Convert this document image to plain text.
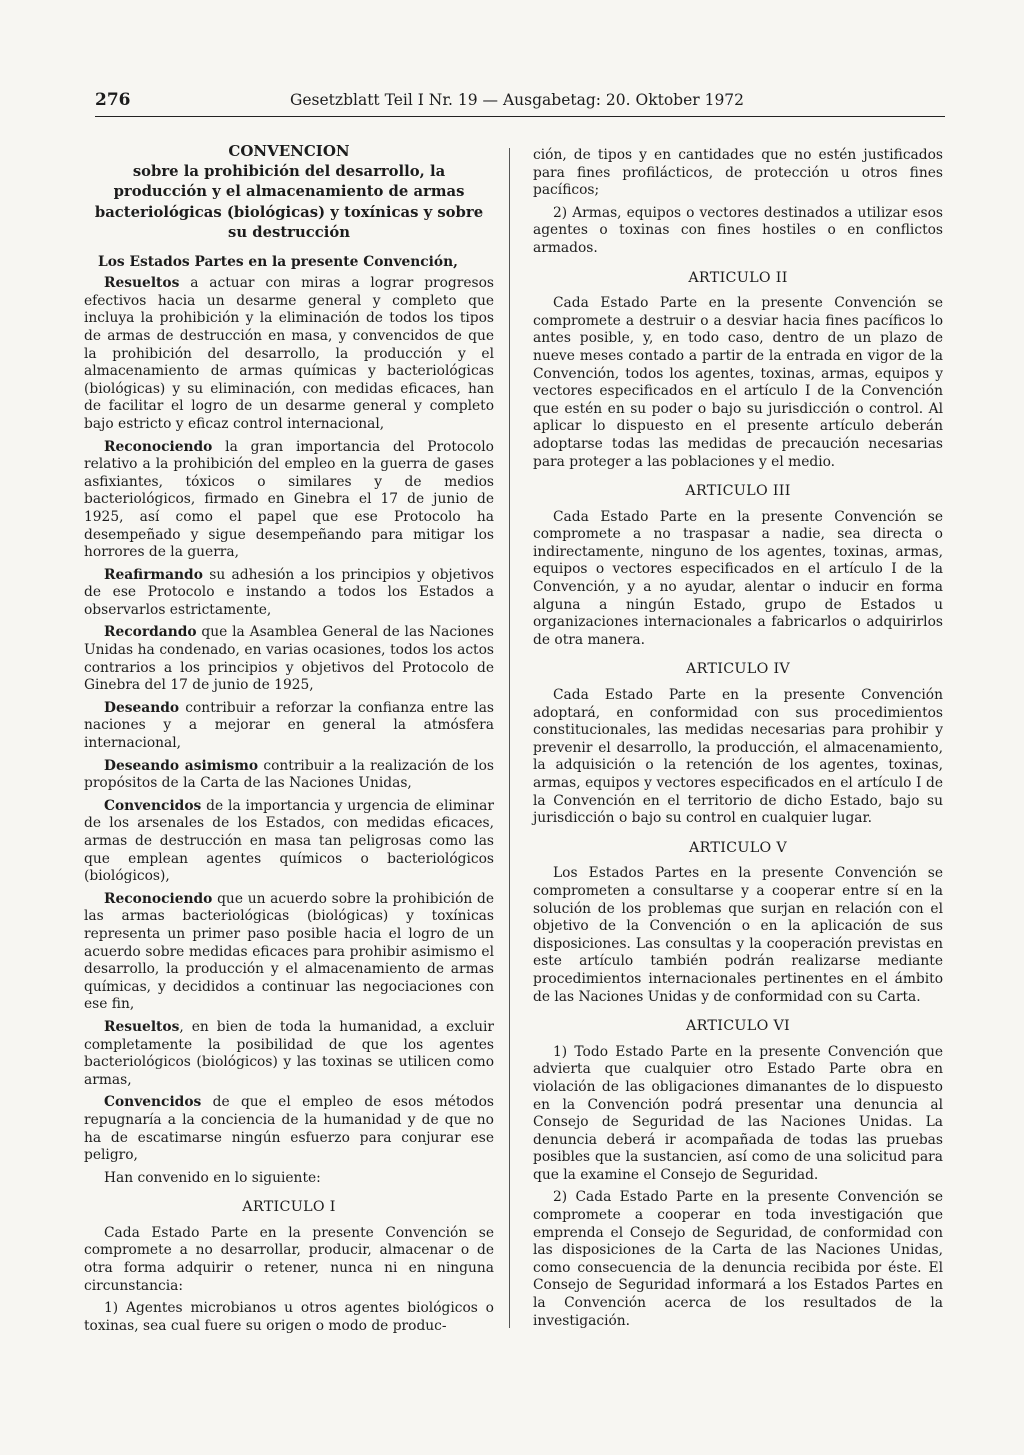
276	Gesetzblatt Teil I Nr. 19 — Ausgabetag: 20. Oktober 1972
CONVENCION
sobre la prohibición del desarrollo, la producción y el almacenamiento de armas bacteriológicas (biológicas) y toxínicas y sobre su destrucción
Los Estados Partes en la presente Convención,

Resueltos a actuar con miras a lograr progresos efectivos hacia un desarme general y completo que incluya la prohibición y la eliminación de todos los tipos de armas de destrucción en masa, y convencidos de que la prohibición del desarrollo, la producción y el almacenamiento de armas químicas y bacteriológicas (biológicas) y su eliminación, con medidas eficaces, han de facilitar el logro de un desarme general y completo bajo estricto y eficaz control internacional,

Reconociendo la gran importancia del Protocolo relativo a la prohibición del empleo en la guerra de gases asfixiantes, tóxicos o similares y de medios bacteriológicos, firmado en Ginebra el 17 de junio de 1925, así como el papel que ese Protocolo ha desempeñado y sigue desempeñando para mitigar los horrores de la guerra,

Reafirmando su adhesión a los principios y objetivos de ese Protocolo e instando a todos los Estados a observarlos estrictamente,

Recordando que la Asamblea General de las Naciones Unidas ha condenado, en varias ocasiones, todos los actos contrarios a los principios y objetivos del Protocolo de Ginebra del 17 de junio de 1925,

Deseando contribuir a reforzar la confianza entre las naciones y a mejorar en general la atmósfera internacional,

Deseando asimismo contribuir a la realización de los propósitos de la Carta de las Naciones Unidas,

Convencidos de la importancia y urgencia de eliminar de los arsenales de los Estados, con medidas eficaces, armas de destrucción en masa tan peligrosas como las que emplean agentes químicos o bacteriológicos (biológicos),

Reconociendo que un acuerdo sobre la prohibición de las armas bacteriológicas (biológicas) y toxínicas representa un primer paso posible hacia el logro de un acuerdo sobre medidas eficaces para prohibir asimismo el desarrollo, la producción y el almacenamiento de armas químicas, y decididos a continuar las negociaciones con ese fin,

Resueltos, en bien de toda la humanidad, a excluir completamente la posibilidad de que los agentes bacteriológicos (biológicos) y las toxinas se utilicen como armas,

Convencidos de que el empleo de esos métodos repugnaría a la conciencia de la humanidad y de que no ha de escatimarse ningún esfuerzo para conjurar ese peligro,

Han convenido en lo siguiente:

ARTICULO I

Cada Estado Parte en la presente Convención se compromete a no desarrollar, producir, almacenar o de otra forma adquirir o retener, nunca ni en ninguna circunstancia:

1) Agentes microbianos u otros agentes biológicos o toxinas, sea cual fuere su origen o modo de produc-

ción, de tipos y en cantidades que no estén justificados para fines profilácticos, de protección u otros fines pacíficos;

2) Armas, equipos o vectores destinados a utilizar esos agentes o toxinas con fines hostiles o en conflictos armados.

ARTICULO II

Cada Estado Parte en la presente Convención se compromete a destruir o a desviar hacia fines pacíficos lo antes posible, y, en todo caso, dentro de un plazo de nueve meses contado a partir de la entrada en vigor de la Convención, todos los agentes, toxinas, armas, equipos y vectores especificados en el artículo I de la Convención que estén en su poder o bajo su jurisdicción o control. Al aplicar lo dispuesto en el presente artículo deberán adoptarse todas las medidas de precaución necesarias para proteger a las poblaciones y el medio.

ARTICULO III

Cada Estado Parte en la presente Convención se compromete a no traspasar a nadie, sea directa o indirectamente, ninguno de los agentes, toxinas, armas, equipos o vectores especificados en el artículo I de la Convención, y a no ayudar, alentar o inducir en forma alguna a ningún Estado, grupo de Estados u organizaciones internacionales a fabricarlos o adquirirlos de otra manera.

ARTICULO IV

Cada Estado Parte en la presente Convención adoptará, en conformidad con sus procedimientos constitucionales, las medidas necesarias para prohibir y prevenir el desarrollo, la producción, el almacenamiento, la adquisición o la retención de los agentes, toxinas, armas, equipos y vectores especificados en el artículo I de la Convención en el territorio de dicho Estado, bajo su jurisdicción o bajo su control en cualquier lugar.

ARTICULO V

Los Estados Partes en la presente Convención se comprometen a consultarse y a cooperar entre sí en la solución de los problemas que surjan en relación con el objetivo de la Convención o en la aplicación de sus disposiciones. Las consultas y la cooperación previstas en este artículo también podrán realizarse mediante procedimientos internacionales pertinentes en el ámbito de las Naciones Unidas y de conformidad con su Carta.

ARTICULO VI

1) Todo Estado Parte en la presente Convención que advierta que cualquier otro Estado Parte obra en violación de las obligaciones dimanantes de lo dispuesto en la Convención podrá presentar una denuncia al Consejo de Seguridad de las Naciones Unidas. La denuncia deberá ir acompañada de todas las pruebas posibles que la sustancien, así como de una solicitud para que la examine el Consejo de Seguridad.

2) Cada Estado Parte en la presente Convención se compromete a cooperar en toda investigación que emprenda el Consejo de Seguridad, de conformidad con las disposiciones de la Carta de las Naciones Unidas, como consecuencia de la denuncia recibida por éste. El Consejo de Seguridad informará a los Estados Partes en la Convención acerca de los resultados de la investigación.
